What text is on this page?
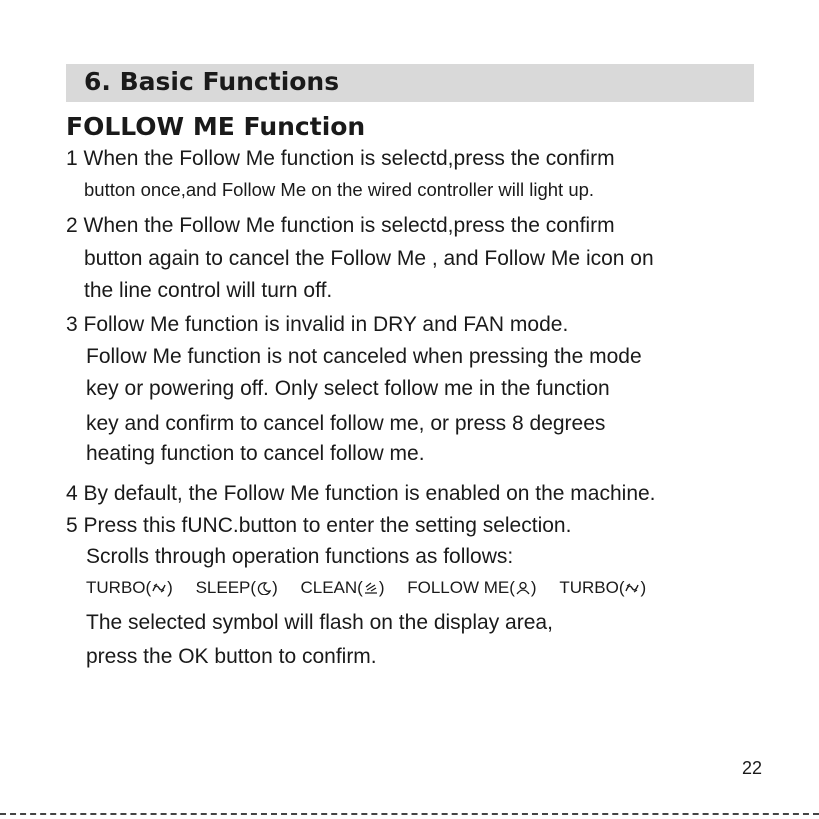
6. Basic Functions
FOLLOW ME Function
1 When the Follow Me function is selectd,press the confirm
button once,and Follow Me on the wired controller will light up.
2 When the Follow Me function is selectd,press the confirm
button again to cancel the Follow Me , and Follow Me icon on
the line control will turn off.
3 Follow Me function is invalid in DRY and FAN mode.
Follow Me function is not canceled when pressing the mode
key or powering off. Only select follow me in the function
key and confirm to cancel follow me, or press 8 degrees
heating function to cancel follow me.
4 By default, the Follow Me function is enabled on the machine.
5 Press this fUNC.button to enter the setting selection.
Scrolls through operation functions as follows:
TURBO( ) SLEEP( ) CLEAN( ) FOLLOW ME( ) TURBO( )
The selected symbol will flash on the display area,
press the OK button to confirm.
22
